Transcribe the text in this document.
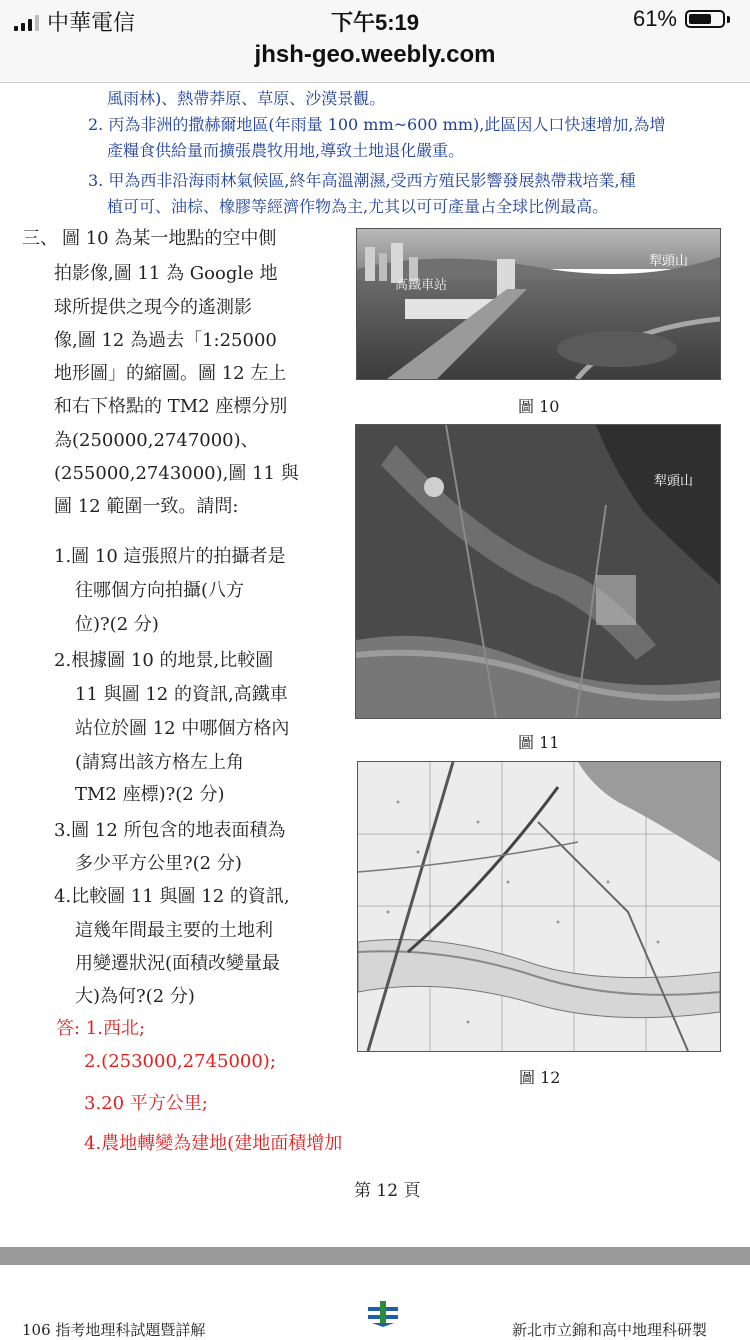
中華電信	下午5:19	61%
jhsh-geo.weebly.com
風雨林)、熱帶莽原、草原、沙漠景觀。
2. 丙為非洲的撒赫爾地區(年雨量 100 mm~600 mm),此區因人口快速增加,為增
產糧食供給量而擴張農牧用地,導致土地退化嚴重。
3. 甲為西非沿海雨林氣候區,終年高溫潮濕,受西方殖民影響發展熱帶栽培業,種
植可可、油棕、橡膠等經濟作物為主,尤其以可可產量占全球比例最高。
三、 圖 10 為某一地點的空中側
拍影像,圖 11 為 Google 地
球所提供之現今的遙測影
像,圖 12 為過去「1:25000
地形圖」的縮圖。圖 12 左上
和右下格點的 TM2 座標分別
為(250000,2747000)、
(255000,2743000),圖 11 與
圖 12 範圍一致。請問:
1.圖 10 這張照片的拍攝者是
往哪個方向拍攝(八方
位)?(2 分)
2.根據圖 10 的地景,比較圖
11 與圖 12 的資訊,高鐵車
站位於圖 12 中哪個方格內
(請寫出該方格左上角
TM2 座標)?(2 分)
3.圖 12 所包含的地表面積為
多少平方公里?(2 分)
4.比較圖 11 與圖 12 的資訊,
這幾年間最主要的土地利
用變遷狀況(面積改變量最
大)為何?(2 分)
答: 1.西北;
2.(253000,2745000);
3.20 平方公里;
4.農地轉變為建地(建地面積增加
高鐵車站
犁頭山
圖 10
犁頭山
圖 11
圖 12
第 12 頁
106 指考地理科試題暨詳解	新北市立錦和高中地理科研製
